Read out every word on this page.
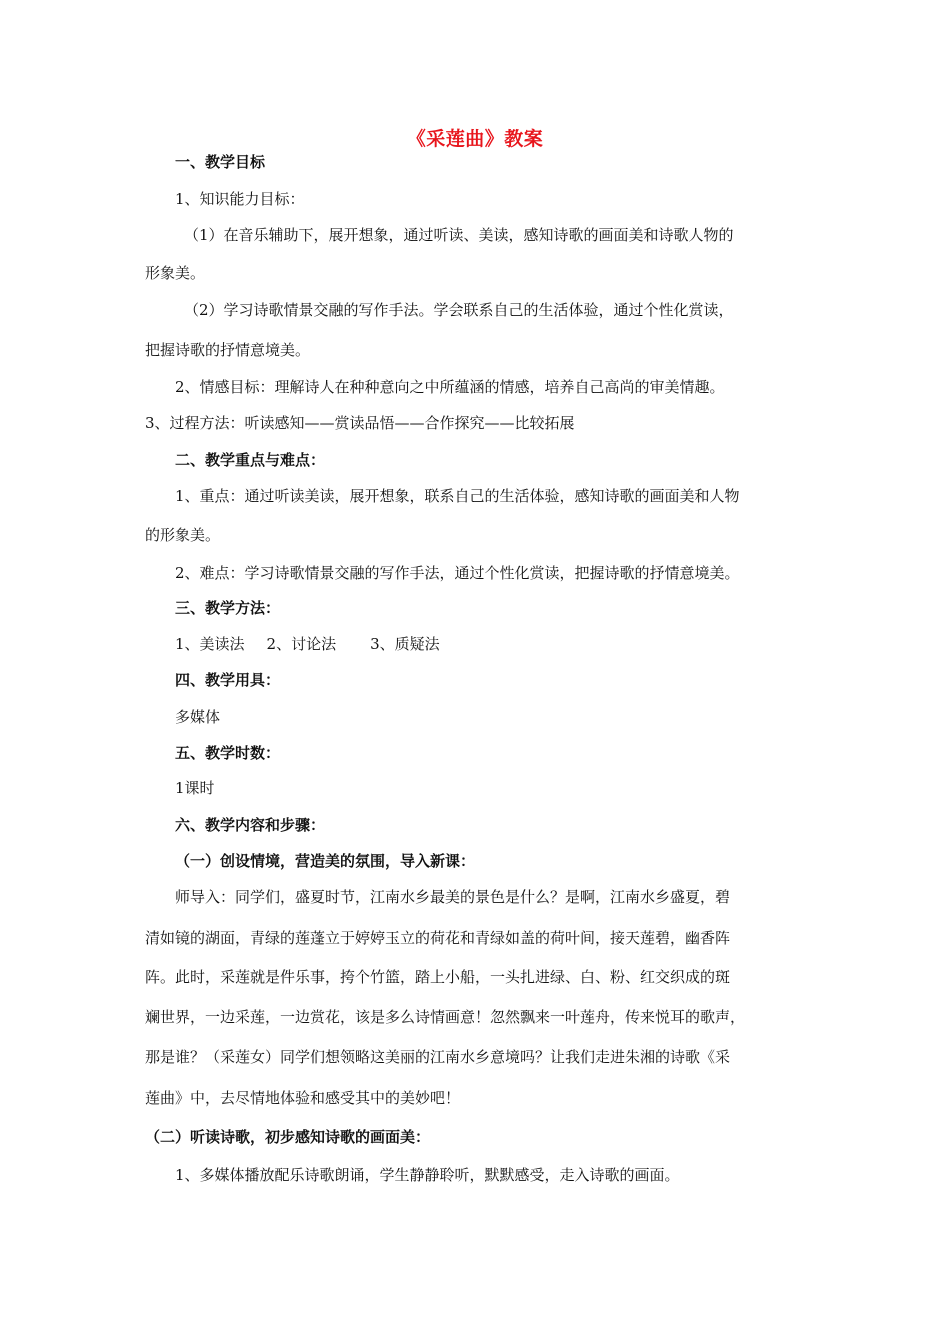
《采莲曲》教案
一、教学目标
1、知识能力目标：
（1）在音乐辅助下，展开想象，通过听读、美读，感知诗歌的画面美和诗歌人物的
形象美。
（2）学习诗歌情景交融的写作手法。学会联系自己的生活体验，通过个性化赏读，
把握诗歌的抒情意境美。
2、情感目标：理解诗人在种种意向之中所蕴涵的情感，培养自己高尚的审美情趣。
3、过程方法：听读感知——赏读品悟——合作探究——比较拓展
二、教学重点与难点：
1、重点：通过听读美读，展开想象，联系自己的生活体验，感知诗歌的画面美和人物
的形象美。
2、难点：学习诗歌情景交融的写作手法，通过个性化赏读，把握诗歌的抒情意境美。
三、教学方法：
1、美读法 2、讨论法 3、质疑法
四、教学用具：
多媒体
五、教学时数：
1课时
六、教学内容和步骤：
（一）创设情境，营造美的氛围，导入新课：
师导入：同学们，盛夏时节，江南水乡最美的景色是什么？是啊，江南水乡盛夏，碧
清如镜的湖面，青绿的莲蓬立于婷婷玉立的荷花和青绿如盖的荷叶间，接天莲碧，幽香阵
阵。此时，采莲就是件乐事，挎个竹篮，踏上小船，一头扎进绿、白、粉、红交织成的斑
斓世界，一边采莲，一边赏花，该是多么诗情画意！忽然飘来一叶莲舟，传来悦耳的歌声，
那是谁？（采莲女）同学们想领略这美丽的江南水乡意境吗？让我们走进朱湘的诗歌《采
莲曲》中，去尽情地体验和感受其中的美妙吧！
（二）听读诗歌，初步感知诗歌的画面美：
1、多媒体播放配乐诗歌朗诵，学生静静聆听，默默感受，走入诗歌的画面。
